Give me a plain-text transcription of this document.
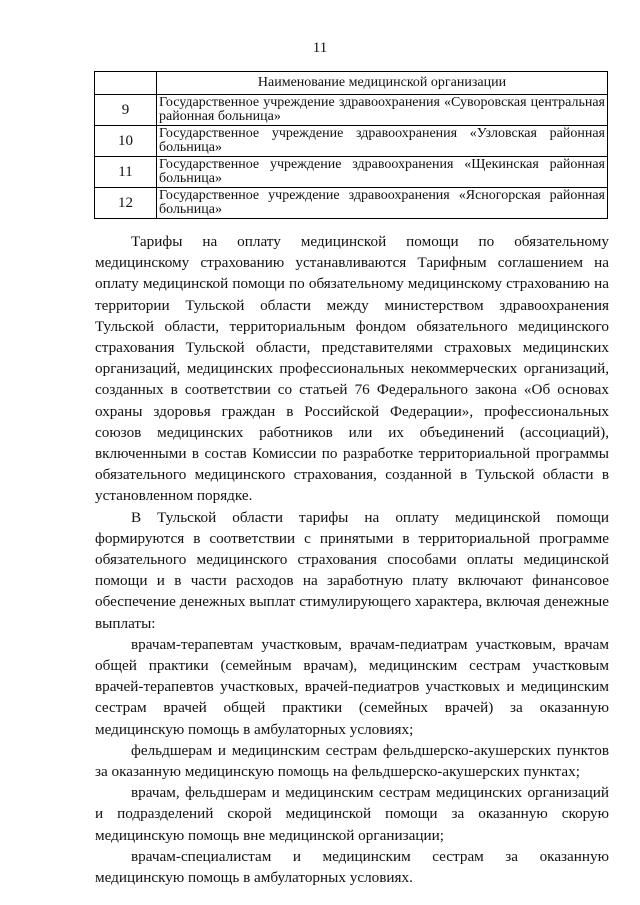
11
	Наименование медицинской организации
9	Государственное учреждение здравоохранения «Суворовская центральная районная больница»
10	Государственное учреждение здравоохранения «Узловская районная больница»
11	Государственное учреждение здравоохранения «Щекинская районная больница»
12	Государственное учреждение здравоохранения «Ясногорская районная больница»

Тарифы на оплату медицинской помощи по обязательному медицинскому страхованию устанавливаются Тарифным соглашением на оплату медицинской помощи по обязательному медицинскому страхованию на территории Тульской области между министерством здравоохранения Тульской области, территориальным фондом обязательного медицинского страхования Тульской области, представителями страховых медицинских организаций, медицинских профессиональных некоммерческих организаций, созданных в соответствии со статьей 76 Федерального закона «Об основах охраны здоровья граждан в Российской Федерации», профессиональных союзов медицинских работников или их объединений (ассоциаций), включенными в состав Комиссии по разработке территориальной программы обязательного медицинского страхования, созданной в Тульской области в установленном порядке.

В Тульской области тарифы на оплату медицинской помощи формируются в соответствии с принятыми в территориальной программе обязательного медицинского страхования способами оплаты медицинской помощи и в части расходов на заработную плату включают финансовое обеспечение денежных выплат стимулирующего характера, включая денежные выплаты:

врачам-терапевтам участковым, врачам-педиатрам участковым, врачам общей практики (семейным врачам), медицинским сестрам участковым врачей-терапевтов участковых, врачей-педиатров участковых и медицинским сестрам врачей общей практики (семейных врачей) за оказанную медицинскую помощь в амбулаторных условиях;

фельдшерам и медицинским сестрам фельдшерско-акушерских пунктов за оказанную медицинскую помощь на фельдшерско-акушерских пунктах;

врачам, фельдшерам и медицинским сестрам медицинских организаций и подразделений скорой медицинской помощи за оказанную скорую медицинскую помощь вне медицинской организации;

врачам-специалистам и медицинским сестрам за оказанную медицинскую помощь в амбулаторных условиях.
